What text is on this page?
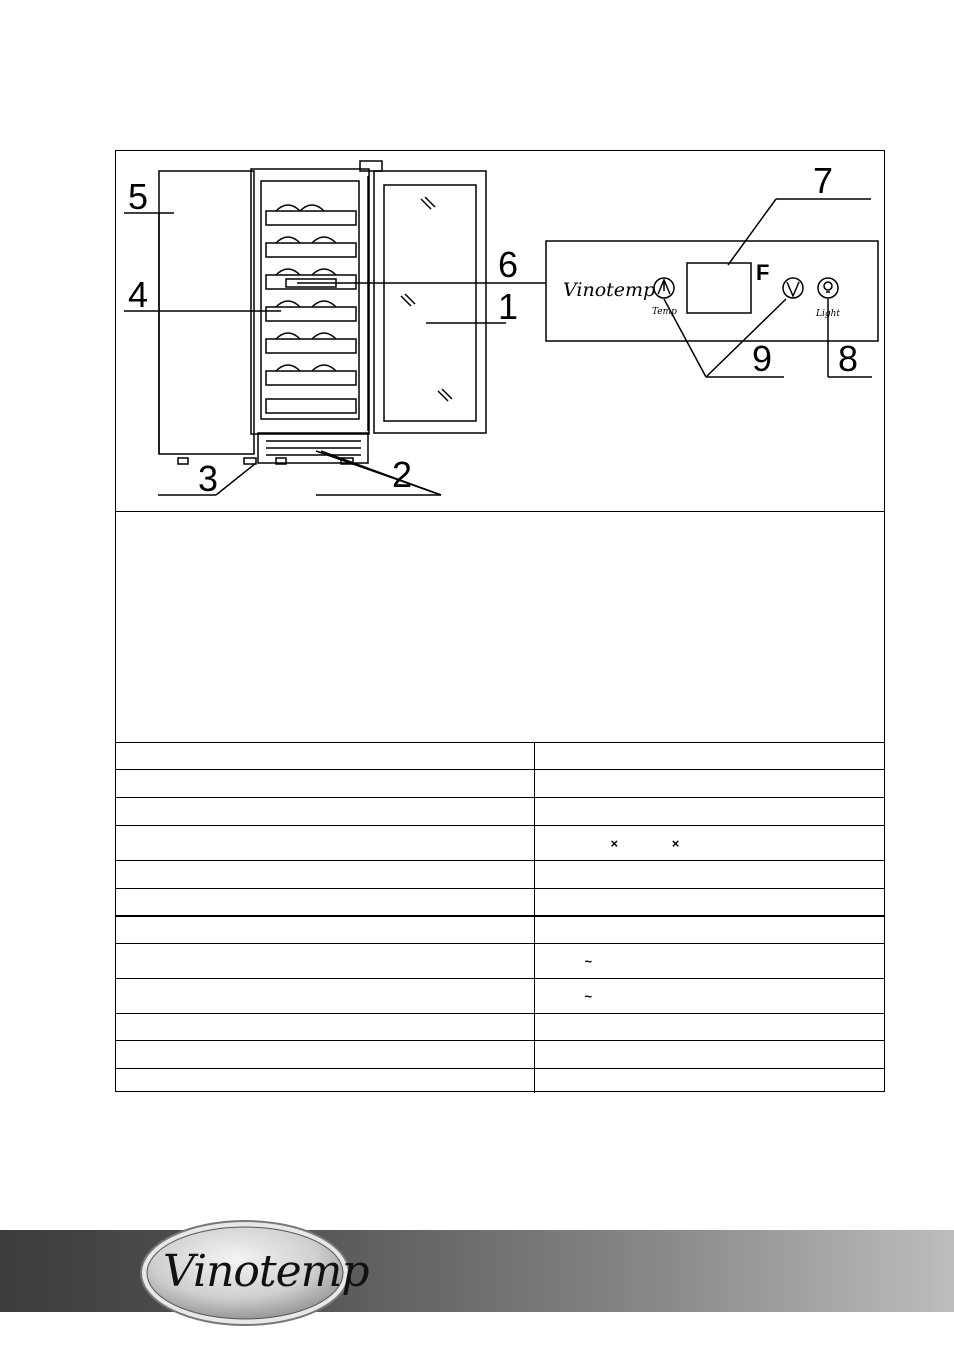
5
4
3	2
6
1
7
9 8
Vinotemp
F
Temp	Light

	× ×

	~
	~

Vinotemp
